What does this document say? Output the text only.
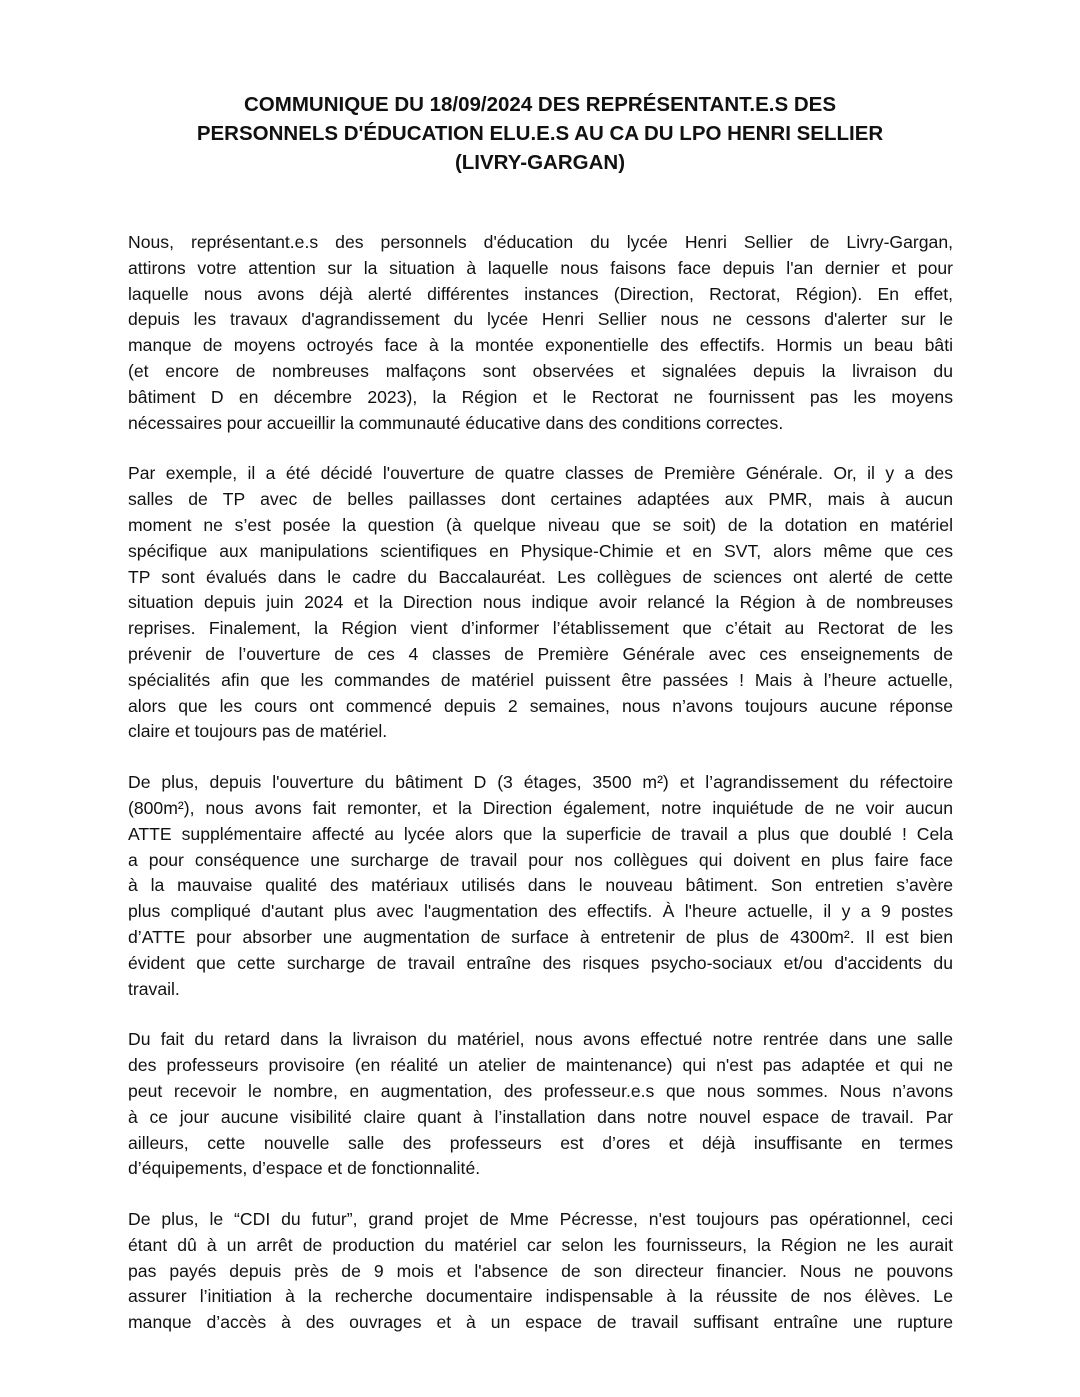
COMMUNIQUE DU 18/09/2024 DES REPRÉSENTANT.E.S DES
PERSONNELS D'ÉDUCATION ELU.E.S AU CA DU LPO HENRI SELLIER
(LIVRY-GARGAN)

Nous, représentant.e.s des personnels d'éducation du lycée Henri Sellier de Livry-Gargan,
attirons votre attention sur la situation à laquelle nous faisons face depuis l'an dernier et pour
laquelle nous avons déjà alerté différentes instances (Direction, Rectorat, Région). En effet,
depuis les travaux d'agrandissement du lycée Henri Sellier nous ne cessons d'alerter sur le
manque de moyens octroyés face à la montée exponentielle des effectifs. Hormis un beau bâti
(et encore de nombreuses malfaçons sont observées et signalées depuis la livraison du
bâtiment D en décembre 2023), la Région et le Rectorat ne fournissent pas les moyens
nécessaires pour accueillir la communauté éducative dans des conditions correctes.

Par exemple, il a été décidé l'ouverture de quatre classes de Première Générale. Or, il y a des
salles de TP avec de belles paillasses dont certaines adaptées aux PMR, mais à aucun
moment ne s’est posée la question (à quelque niveau que se soit) de la dotation en matériel
spécifique aux manipulations scientifiques en Physique-Chimie et en SVT, alors même que ces
TP sont évalués dans le cadre du Baccalauréat. Les collègues de sciences ont alerté de cette
situation depuis juin 2024 et la Direction nous indique avoir relancé la Région à de nombreuses
reprises. Finalement, la Région vient d’informer l’établissement que c’était au Rectorat de les
prévenir de l’ouverture de ces 4 classes de Première Générale avec ces enseignements de
spécialités afin que les commandes de matériel puissent être passées ! Mais à l’heure actuelle,
alors que les cours ont commencé depuis 2 semaines, nous n’avons toujours aucune réponse
claire et toujours pas de matériel.

De plus, depuis l'ouverture du bâtiment D (3 étages, 3500 m²) et l’agrandissement du réfectoire
(800m²), nous avons fait remonter, et la Direction également, notre inquiétude de ne voir aucun
ATTE supplémentaire affecté au lycée alors que la superficie de travail a plus que doublé ! Cela
a pour conséquence une surcharge de travail pour nos collègues qui doivent en plus faire face
à la mauvaise qualité des matériaux utilisés dans le nouveau bâtiment. Son entretien s’avère
plus compliqué d'autant plus avec l'augmentation des effectifs. À l'heure actuelle, il y a 9 postes
d’ATTE pour absorber une augmentation de surface à entretenir de plus de 4300m². Il est bien
évident que cette surcharge de travail entraîne des risques psycho-sociaux et/ou d'accidents du
travail.

Du fait du retard dans la livraison du matériel, nous avons effectué notre rentrée dans une salle
des professeurs provisoire (en réalité un atelier de maintenance) qui n'est pas adaptée et qui ne
peut recevoir le nombre, en augmentation, des professeur.e.s que nous sommes. Nous n’avons
à ce jour aucune visibilité claire quant à l’installation dans notre nouvel espace de travail. Par
ailleurs, cette nouvelle salle des professeurs est d’ores et déjà insuffisante en termes
d’équipements, d’espace et de fonctionnalité.

De plus, le “CDI du futur”, grand projet de Mme Pécresse, n'est toujours pas opérationnel, ceci
étant dû à un arrêt de production du matériel car selon les fournisseurs, la Région ne les aurait
pas payés depuis près de 9 mois et l'absence de son directeur financier. Nous ne pouvons
assurer l’initiation à la recherche documentaire indispensable à la réussite de nos élèves. Le
manque d’accès à des ouvrages et à un espace de travail suffisant entraîne une rupture
